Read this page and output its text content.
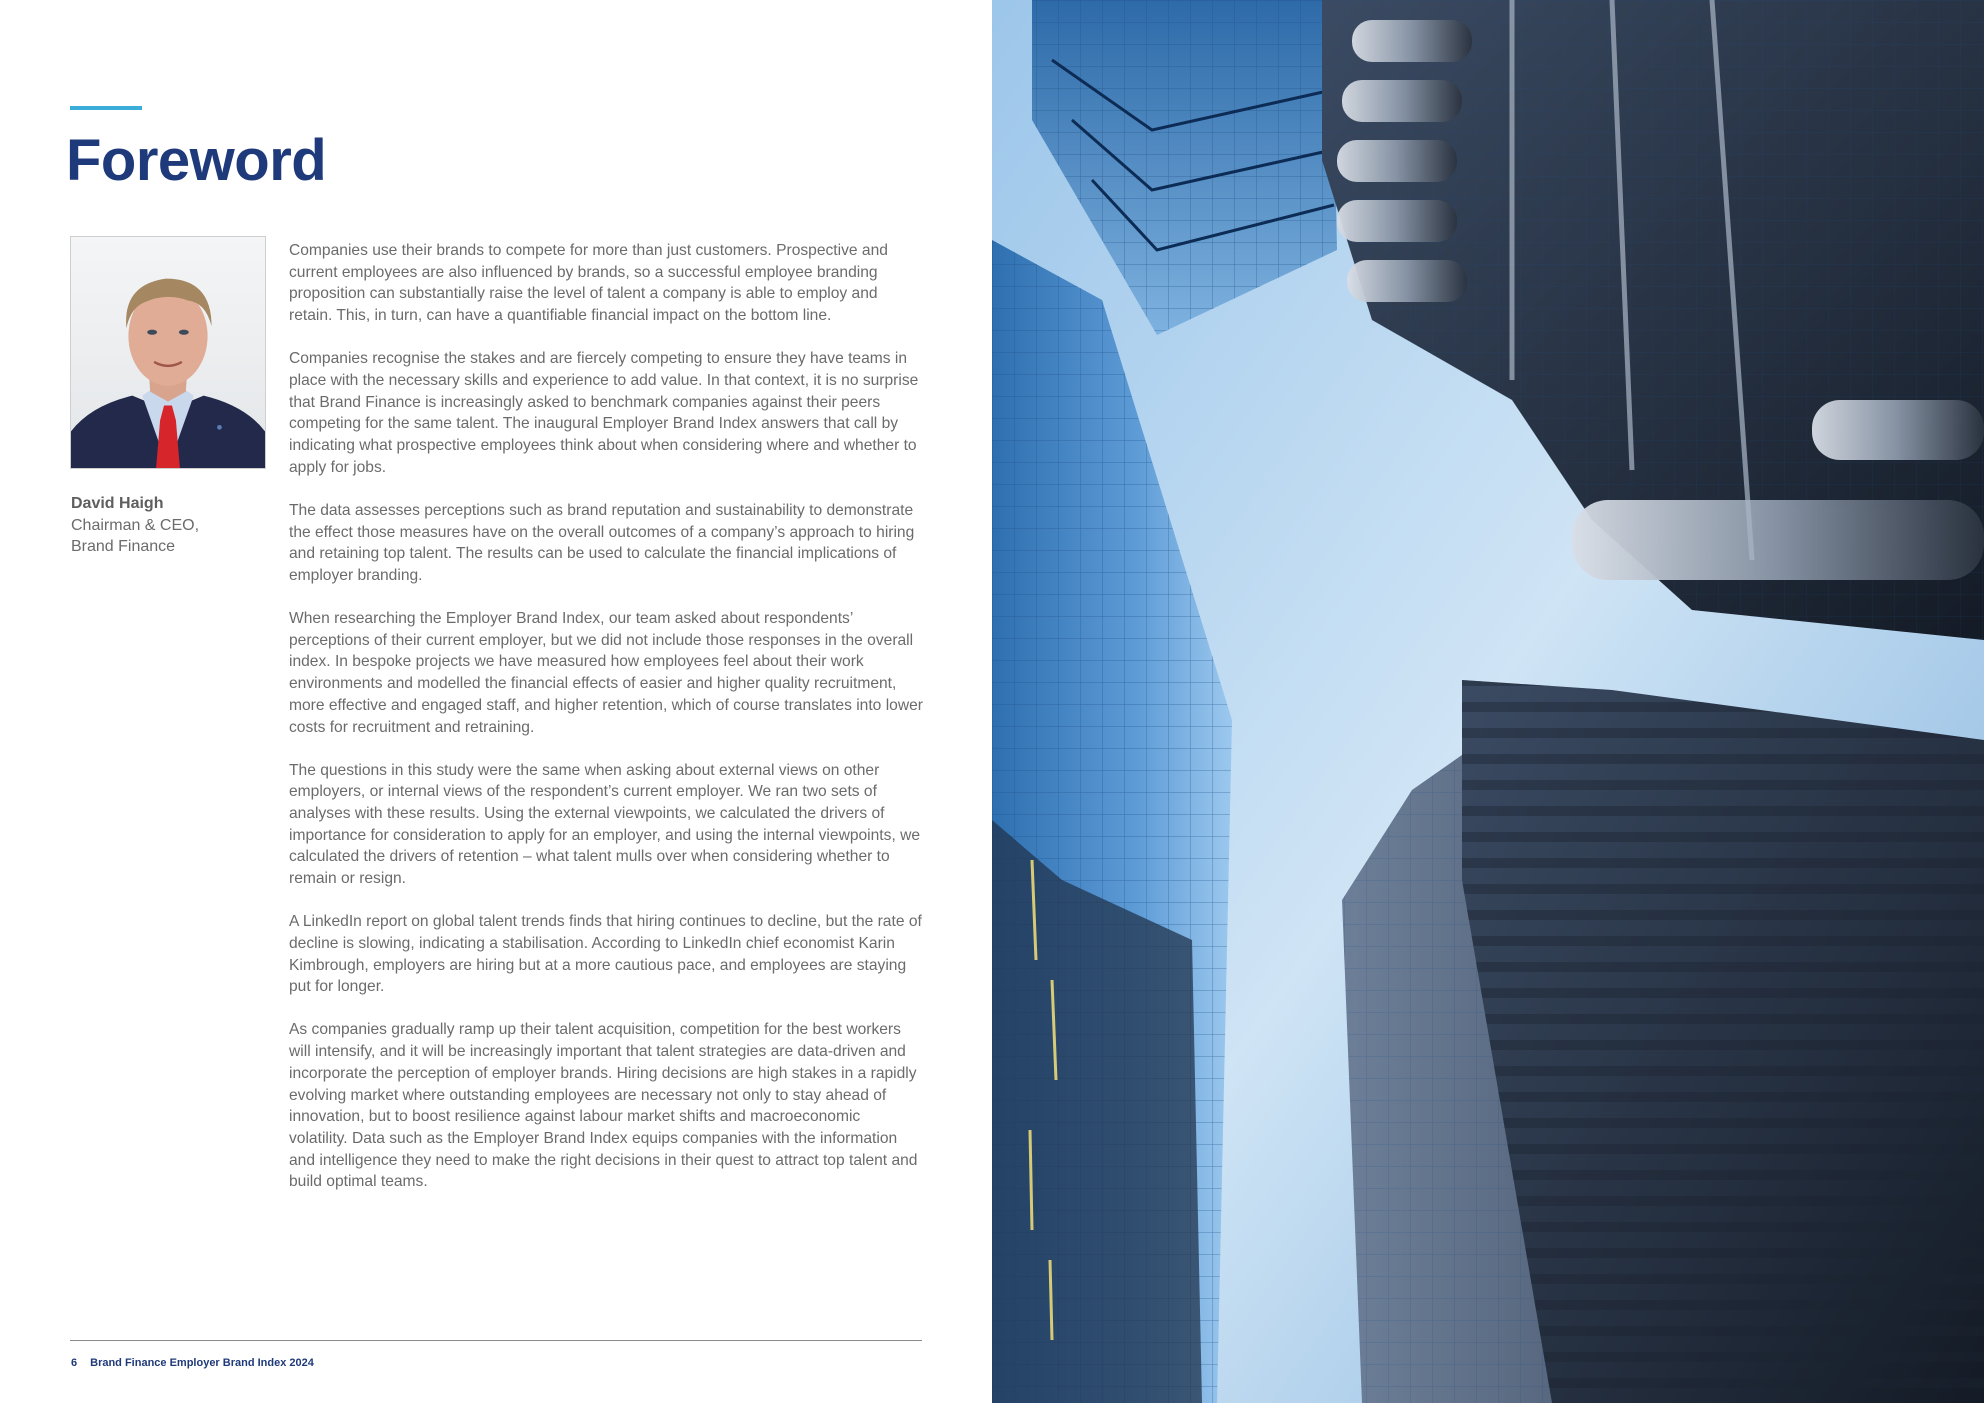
Foreword
David Haigh
Chairman & CEO,
Brand Finance

Companies use their brands to compete for more than just customers. Prospective and current employees are also influenced by brands, so a successful employee branding proposition can substantially raise the level of talent a company is able to employ and retain. This, in turn, can have a quantifiable financial impact on the bottom line.

Companies recognise the stakes and are fiercely competing to ensure they have teams in place with the necessary skills and experience to add value. In that context, it is no surprise that Brand Finance is increasingly asked to benchmark companies against their peers competing for the same talent. The inaugural Employer Brand Index answers that call by indicating what prospective employees think about when considering where and whether to apply for jobs.

The data assesses perceptions such as brand reputation and sustainability to demonstrate the effect those measures have on the overall outcomes of a company’s approach to hiring and retaining top talent. The results can be used to calculate the financial implications of employer branding.

When researching the Employer Brand Index, our team asked about respondents’ perceptions of their current employer, but we did not include those responses in the overall index. In bespoke projects we have measured how employees feel about their work environments and modelled the financial effects of easier and higher quality recruitment, more effective and engaged staff, and higher retention, which of course translates into lower costs for recruitment and retraining.

The questions in this study were the same when asking about external views on other employers, or internal views of the respondent’s current employer. We ran two sets of analyses with these results. Using the external viewpoints, we calculated the drivers of importance for consideration to apply for an employer, and using the internal viewpoints, we calculated the drivers of retention – what talent mulls over when considering whether to remain or resign.

A LinkedIn report on global talent trends finds that hiring continues to decline, but the rate of decline is slowing, indicating a stabilisation. According to LinkedIn chief economist Karin Kimbrough, employers are hiring but at a more cautious pace, and employees are staying put for longer.

As companies gradually ramp up their talent acquisition, competition for the best workers will intensify, and it will be increasingly important that talent strategies are data-driven and incorporate the perception of employer brands. Hiring decisions are high stakes in a rapidly evolving market where outstanding employees are necessary not only to stay ahead of innovation, but to boost resilience against labour market shifts and macroeconomic volatility. Data such as the Employer Brand Index equips companies with the information and intelligence they need to make the right decisions in their quest to attract top talent and build optimal teams.

6 Brand Finance Employer Brand Index 2024
